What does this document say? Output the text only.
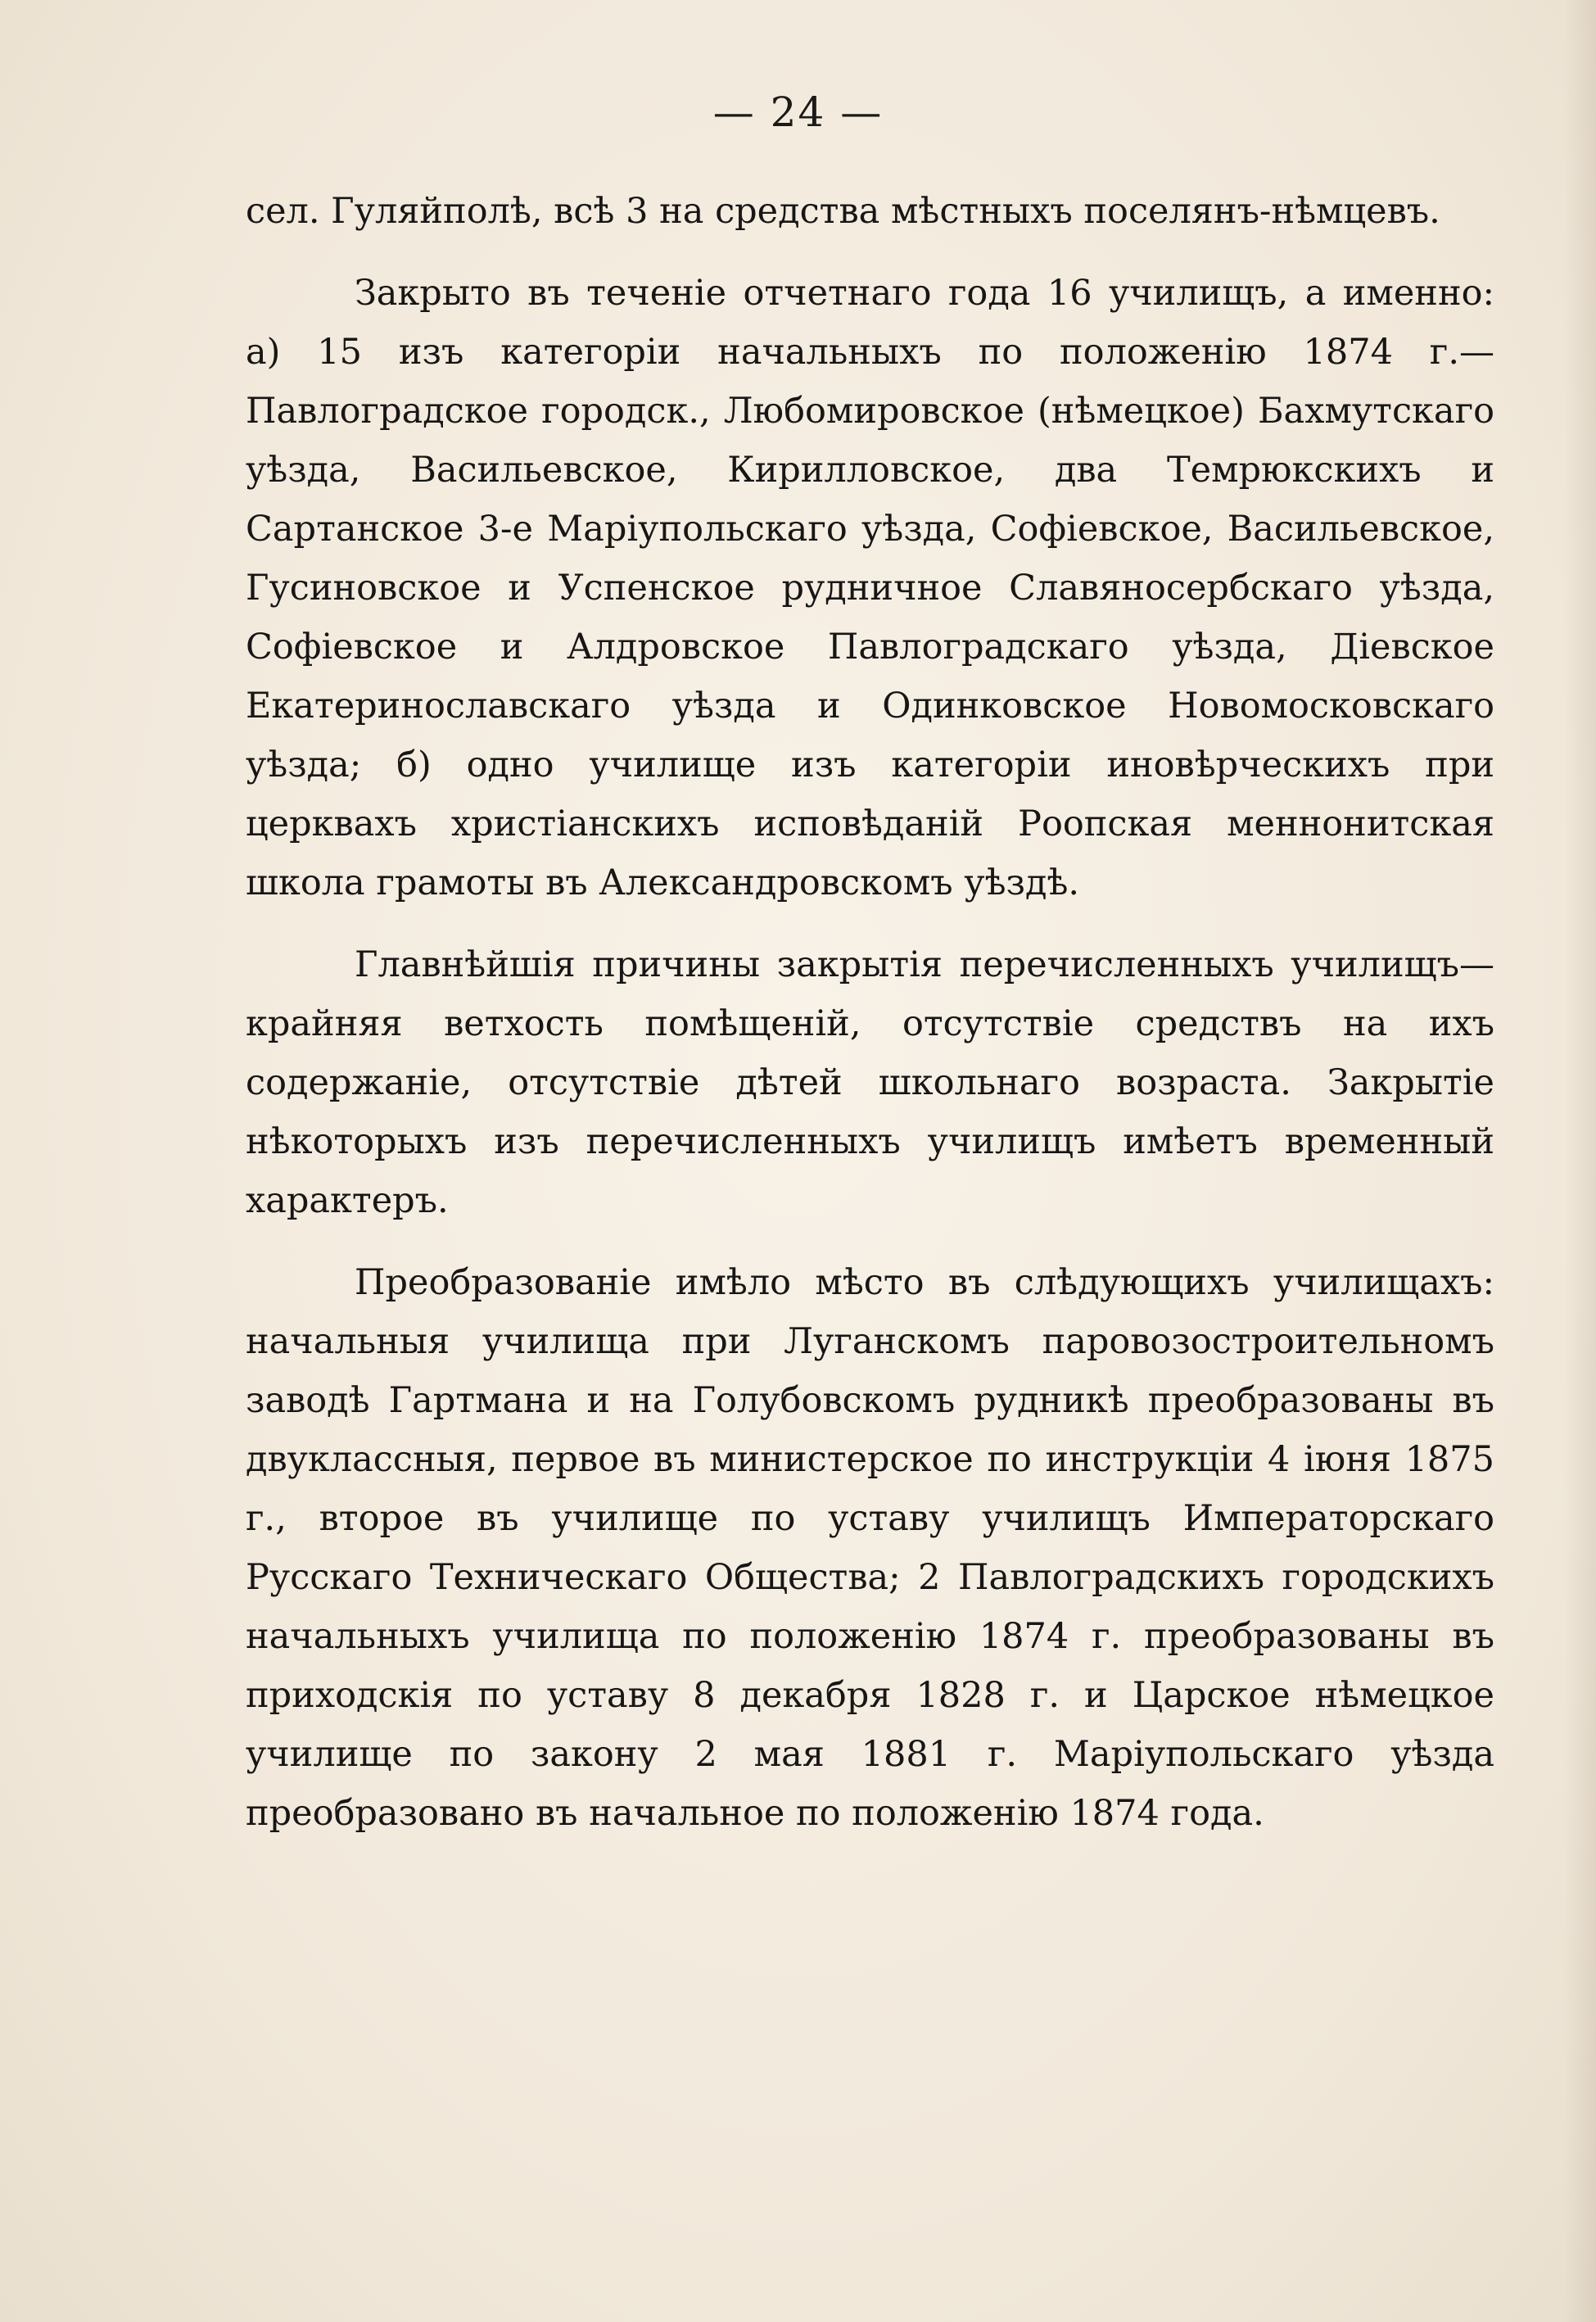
— 24 —

сел. Гуляйполѣ, всѣ 3 на средства мѣстныхъ поселянъ-нѣмцевъ.

Закрыто въ теченіе отчетнаго года 16 училищъ, а именно: а) 15 изъ категоріи начальныхъ по положенію 1874 г.—Павлоградское городск., Любомировское (нѣмецкое) Бахмутскаго уѣзда, Васильевское, Кирилловское, два Темрюкскихъ и Сартанское 3-е Маріупольскаго уѣзда, Софіевское, Васильевское, Гусиновское и Успенское рудничное Славяносербскаго уѣзда, Софіевское и Алдровское Павлоградскаго уѣзда, Діевское Екатеринославскаго уѣзда и Одинковское Новомосковскаго уѣзда; б) одно училище изъ категоріи иновѣрческихъ при церквахъ христіанскихъ исповѣданій Роопская меннонитская школа грамоты въ Александровскомъ уѣздѣ.

Главнѣйшія причины закрытія перечисленныхъ училищъ—крайняя ветхость помѣщеній, отсутствіе средствъ на ихъ содержаніе, отсутствіе дѣтей школьнаго возраста. Закрытіе нѣкоторыхъ изъ перечисленныхъ училищъ имѣетъ временный характеръ.

Преобразованіе имѣло мѣсто въ слѣдующихъ училищахъ: начальныя училища при Луганскомъ паровозостроительномъ заводѣ Гартмана и на Голубовскомъ рудникѣ преобразованы въ двуклассныя, первое въ министерское по инструкціи 4 іюня 1875 г., второе въ училище по уставу училищъ Императорскаго Русскаго Техническаго Общества; 2 Павлоградскихъ городскихъ начальныхъ училища по положенію 1874 г. преобразованы въ приходскія по уставу 8 декабря 1828 г. и Царское нѣмецкое училище по закону 2 мая 1881 г. Маріупольскаго уѣзда преобразовано въ начальное по положенію 1874 года.
